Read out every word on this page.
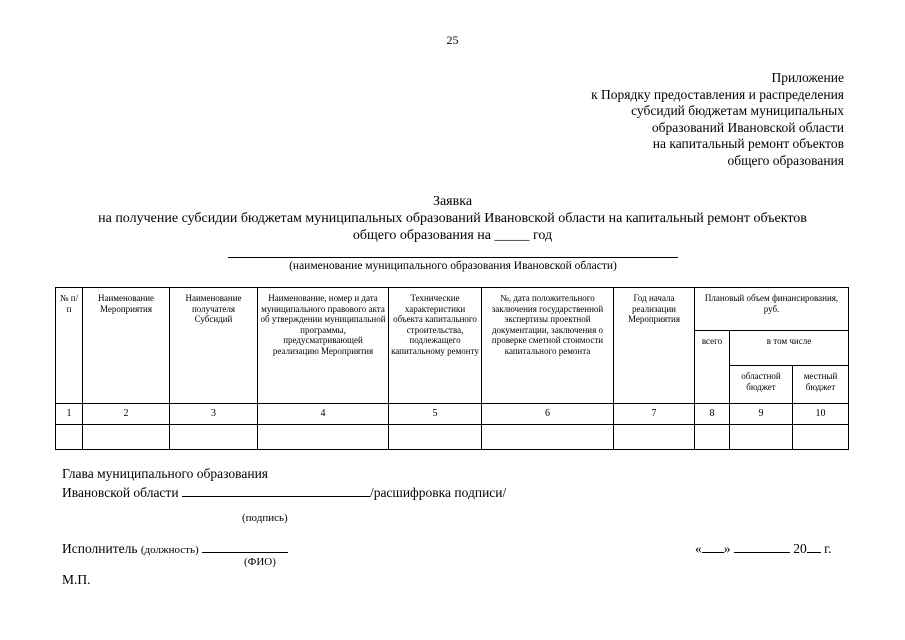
25
Приложение
к Порядку предоставления и распределения
субсидий бюджетам муниципальных
образований Ивановской области
на капитальный ремонт объектов
общего образования
Заявка
на получение субсидии бюджетам муниципальных образований Ивановской области на капитальный ремонт объектов
общего образования на _____ год
(наименование муниципального образования Ивановской области)
№ п/п	Наименование Мероприятия	Наименование получателя Субсидий	Наименование, номер и дата муниципального правового акта об утверждении муниципальной программы, предусматривающей реализацию Мероприятия	Технические характеристики объекта капитального строительства, подлежащего капитальному ремонту	№, дата положительного заключения государственной экспертизы проектной документации, заключения о проверке сметной стоимости капитального ремонта	Год начала реализации Мероприятия	Плановый объем финансирования, руб.		
							всего	в том числе	
								областной бюджет	местный бюджет
1	2	3	4	5	6	7	8	9	10

Глава муниципального образования
Ивановской области	/расшифровка подписи/
(подпись)
Исполнитель (должность)
(ФИО)
« »	20 г.
М.П.
